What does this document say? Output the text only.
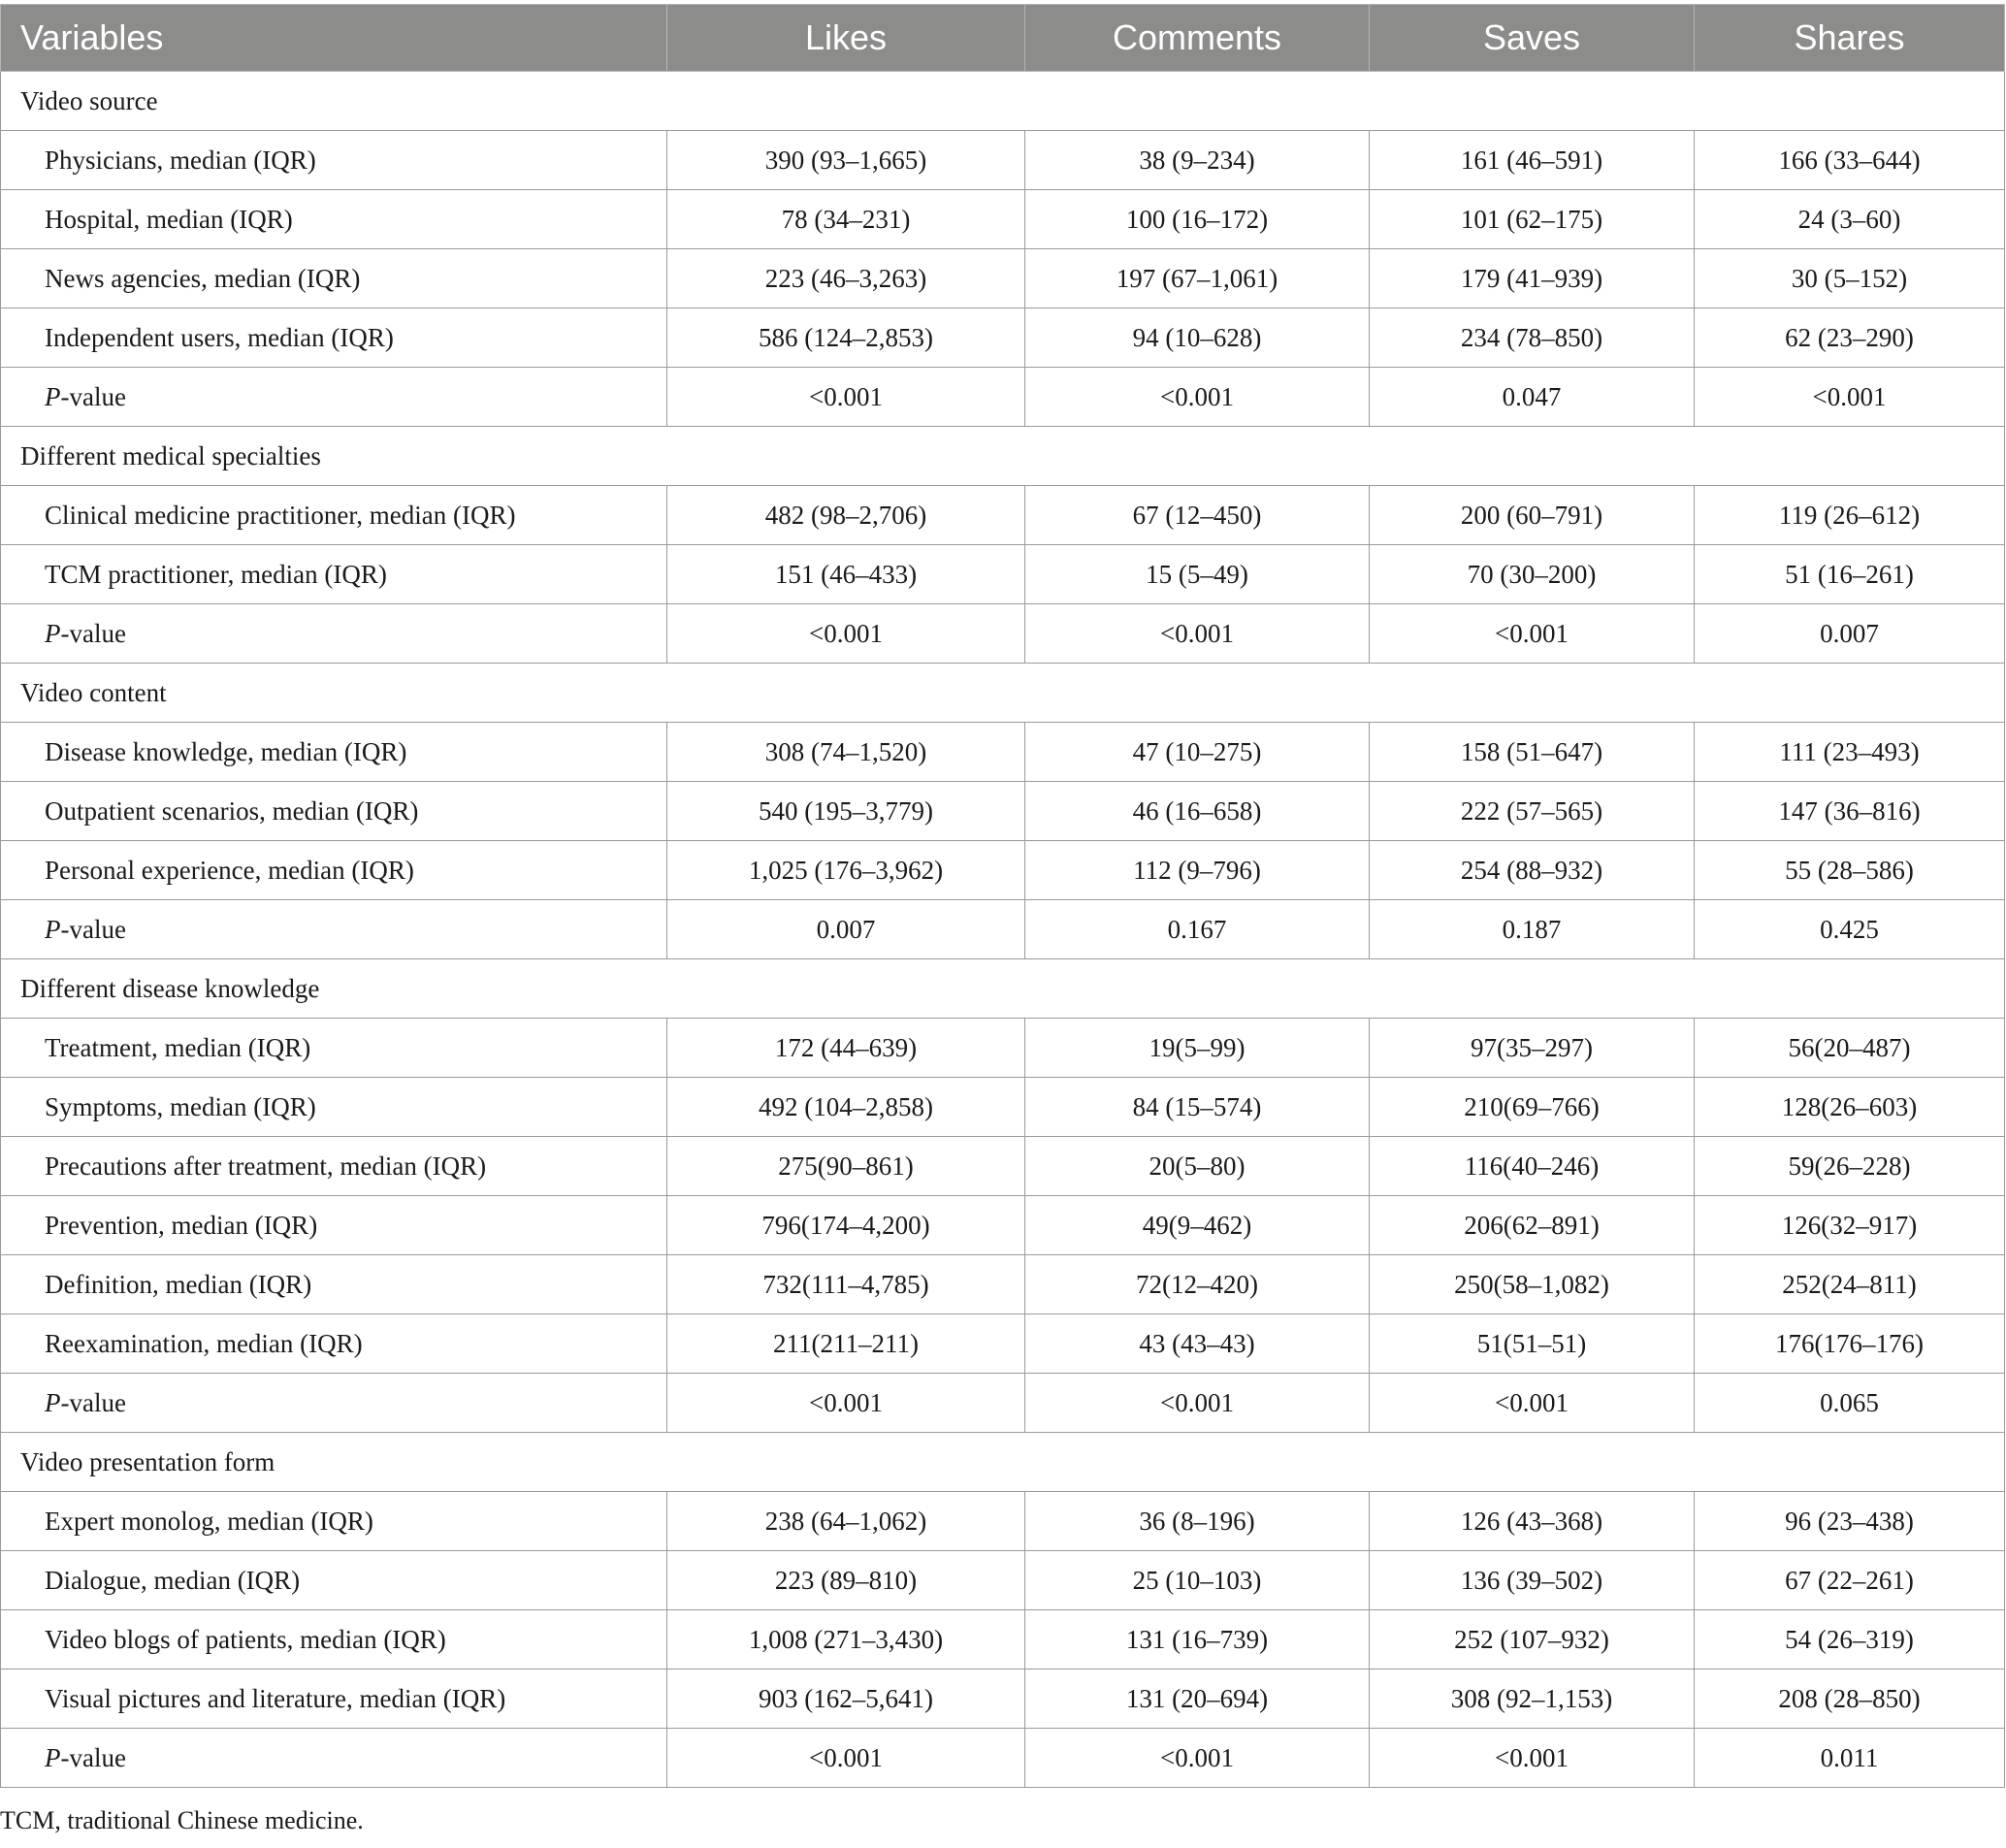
Variables	Likes	Comments	Saves	Shares
Video source				
Physicians, median (IQR)	390 (93–1,665)	38 (9–234)	161 (46–591)	166 (33–644)
Hospital, median (IQR)	78 (34–231)	100 (16–172)	101 (62–175)	24 (3–60)
News agencies, median (IQR)	223 (46–3,263)	197 (67–1,061)	179 (41–939)	30 (5–152)
Independent users, median (IQR)	586 (124–2,853)	94 (10–628)	234 (78–850)	62 (23–290)
P-value	<0.001	<0.001	0.047	<0.001
Different medical specialties				
Clinical medicine practitioner, median (IQR)	482 (98–2,706)	67 (12–450)	200 (60–791)	119 (26–612)
TCM practitioner, median (IQR)	151 (46–433)	15 (5–49)	70 (30–200)	51 (16–261)
P-value	<0.001	<0.001	<0.001	0.007
Video content				
Disease knowledge, median (IQR)	308 (74–1,520)	47 (10–275)	158 (51–647)	111 (23–493)
Outpatient scenarios, median (IQR)	540 (195–3,779)	46 (16–658)	222 (57–565)	147 (36–816)
Personal experience, median (IQR)	1,025 (176–3,962)	112 (9–796)	254 (88–932)	55 (28–586)
P-value	0.007	0.167	0.187	0.425
Different disease knowledge				
Treatment, median (IQR)	172 (44–639)	19(5–99)	97(35–297)	56(20–487)
Symptoms, median (IQR)	492 (104–2,858)	84 (15–574)	210(69–766)	128(26–603)
Precautions after treatment, median (IQR)	275(90–861)	20(5–80)	116(40–246)	59(26–228)
Prevention, median (IQR)	796(174–4,200)	49(9–462)	206(62–891)	126(32–917)
Definition, median (IQR)	732(111–4,785)	72(12–420)	250(58–1,082)	252(24–811)
Reexamination, median (IQR)	211(211–211)	43 (43–43)	51(51–51)	176(176–176)
P-value	<0.001	<0.001	<0.001	0.065
Video presentation form				
Expert monolog, median (IQR)	238 (64–1,062)	36 (8–196)	126 (43–368)	96 (23–438)
Dialogue, median (IQR)	223 (89–810)	25 (10–103)	136 (39–502)	67 (22–261)
Video blogs of patients, median (IQR)	1,008 (271–3,430)	131 (16–739)	252 (107–932)	54 (26–319)
Visual pictures and literature, median (IQR)	903 (162–5,641)	131 (20–694)	308 (92–1,153)	208 (28–850)
P-value	<0.001	<0.001	<0.001	0.011
TCM, traditional Chinese medicine.
